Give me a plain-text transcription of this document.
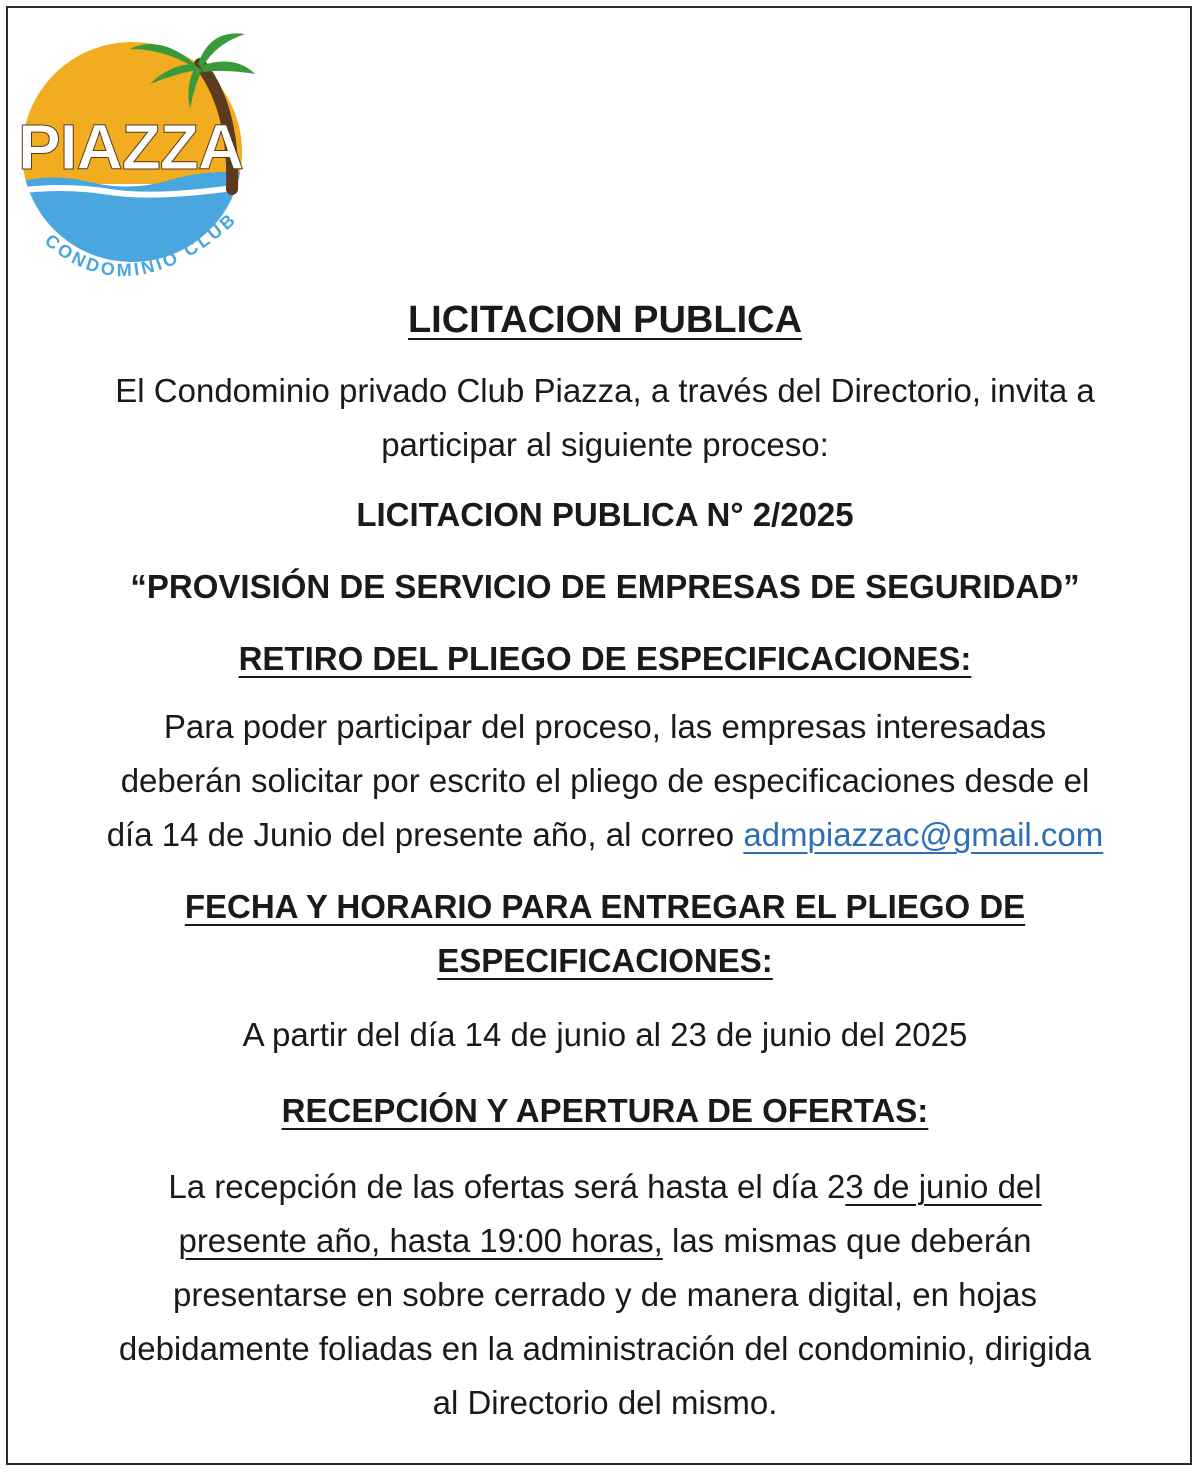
PIAZZA
CONDOMINIO CLUB

LICITACION PUBLICA

El Condominio privado Club Piazza, a través del Directorio, invita a

participar al siguiente proceso:

LICITACION PUBLICA N° 2/2025

“PROVISIÓN DE SERVICIO DE EMPRESAS DE SEGURIDAD”

RETIRO DEL PLIEGO DE ESPECIFICACIONES:

Para poder participar del proceso, las empresas interesadas

deberán solicitar por escrito el pliego de especificaciones desde el

día 14 de Junio del presente año, al correo admpiazzac@gmail.com

FECHA Y HORARIO PARA ENTREGAR EL PLIEGO DE

ESPECIFICACIONES:

A partir del día 14 de junio al 23 de junio del 2025

RECEPCIÓN Y APERTURA DE OFERTAS:

La recepción de las ofertas será hasta el día 23 de junio del

presente año, hasta 19:00 horas, las mismas que deberán

presentarse en sobre cerrado y de manera digital, en hojas

debidamente foliadas en la administración del condominio, dirigida

al Directorio del mismo.
